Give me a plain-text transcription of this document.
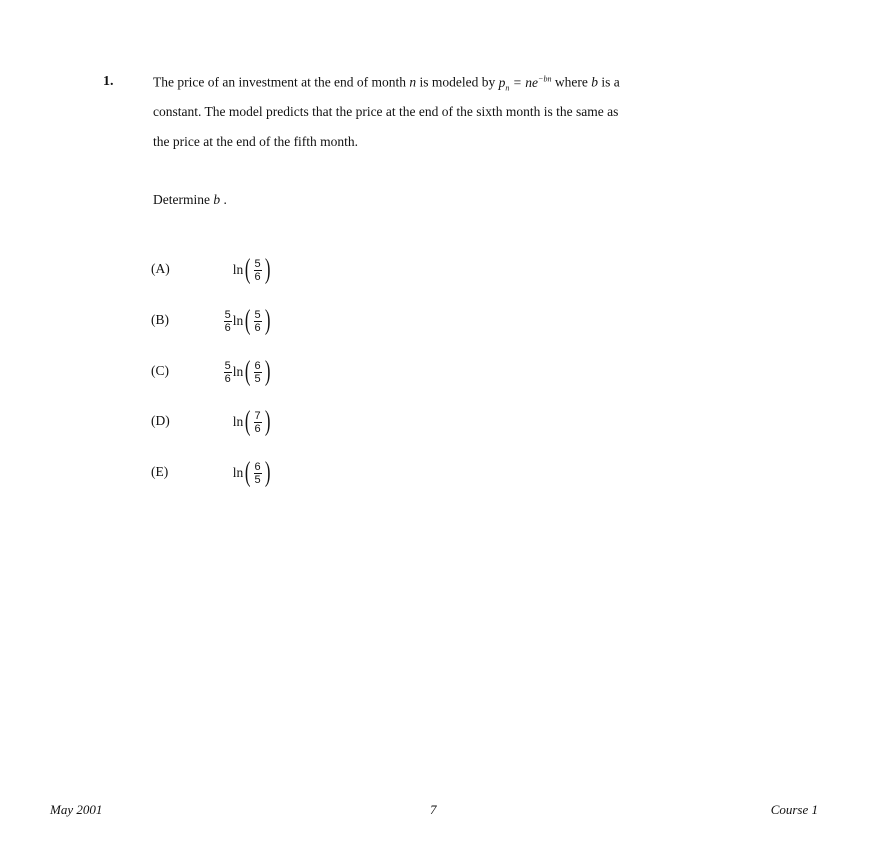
1.	The price of an investment at the end of month n is modeled by $p_n = ne^{-bn}$ where b is a
constant. The model predicts that the price at the end of the sixth month is the same as
the price at the end of the fifth month.
Determine b .
(A)	ln ( $\frac{5}{6}$ )
(B)	$\frac{5}{6}$ ln ( $\frac{5}{6}$ )
(C)	$\frac{5}{6}$ ln ( $\frac{6}{5}$ )
(D)	ln ( $\frac{7}{6}$ )
(E)	ln ( $\frac{6}{5}$ )
May 2001	7	Course 1
